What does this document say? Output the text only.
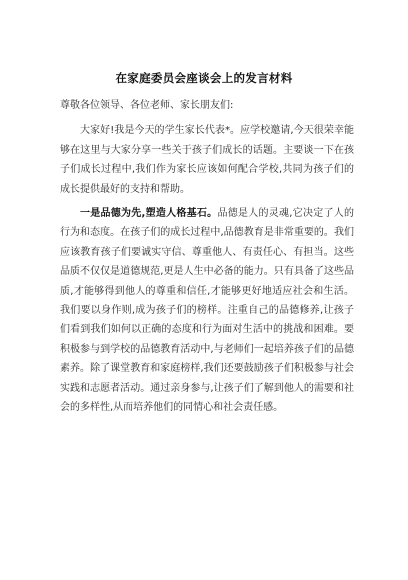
在家庭委员会座谈会上的发言材料

尊敬各位领导、各位老师、家长朋友们:

大家好!我是今天的学生家长代表*。应学校邀请,今天很荣幸能够在这里与大家分享一些关于孩子们成长的话题。主要谈一下在孩子们成长过程中,我们作为家长应该如何配合学校,共同为孩子们的成长提供最好的支持和帮助。

一是品德为先,塑造人格基石。品德是人的灵魂,它决定了人的行为和态度。在孩子们的成长过程中,品德教育是非常重要的。我们应该教育孩子们要诚实守信、尊重他人、有责任心、有担当。这些品质不仅仅是道德规范,更是人生中必备的能力。只有具备了这些品质,才能够得到他人的尊重和信任,才能够更好地适应社会和生活。我们要以身作则,成为孩子们的榜样。注重自己的品德修养,让孩子们看到我们如何以正确的态度和行为面对生活中的挑战和困难。要积极参与到学校的品德教育活动中,与老师们一起培养孩子们的品德素养。除了课堂教育和家庭榜样,我们还要鼓励孩子们积极参与社会实践和志愿者活动。通过亲身参与,让孩子们了解到他人的需要和社会的多样性,从而培养他们的同情心和社会责任感。
